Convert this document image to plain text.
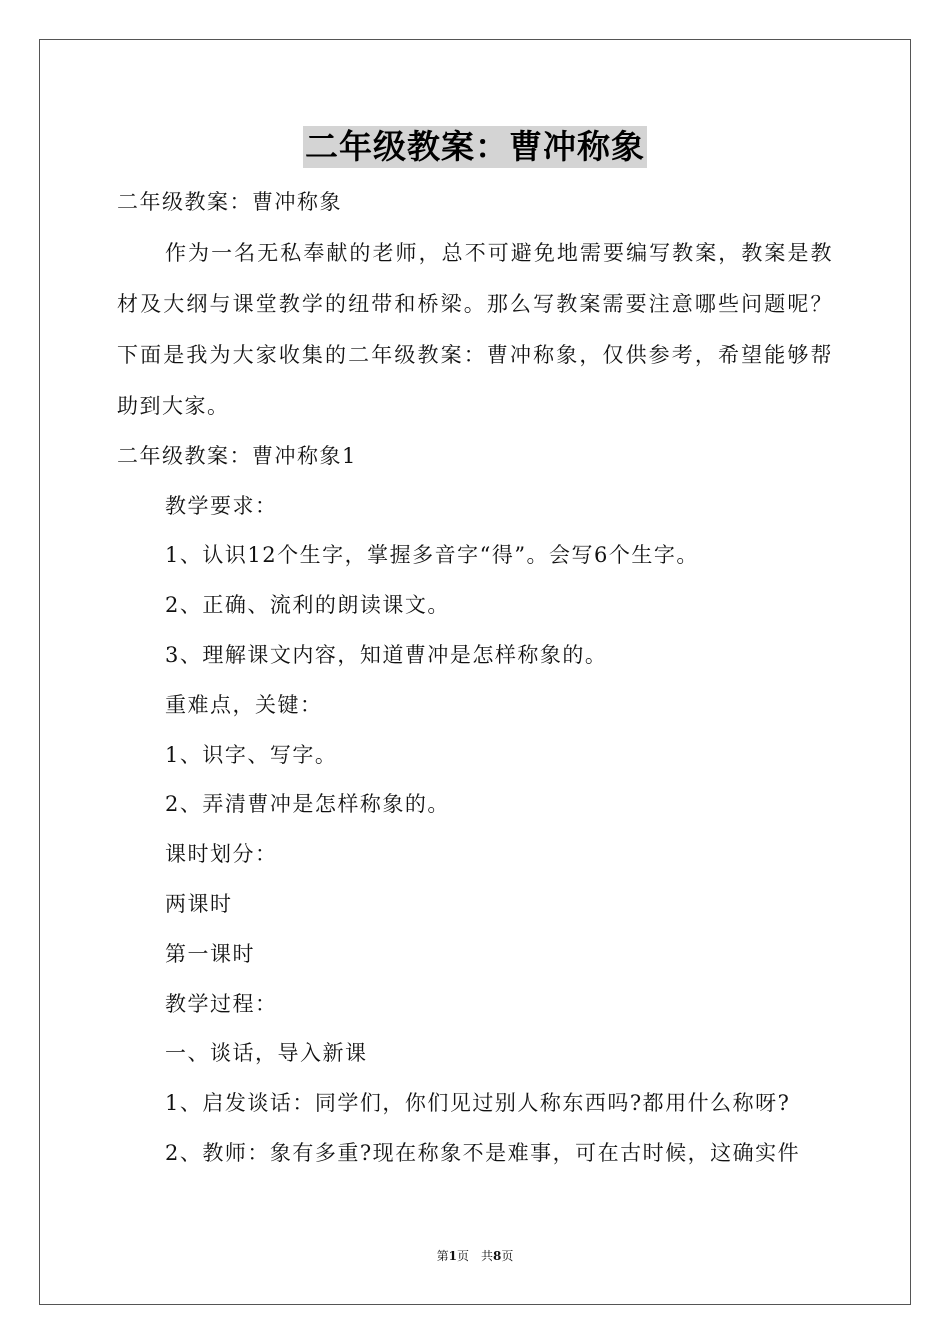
二年级教案：曹冲称象
二年级教案：曹冲称象

作为一名无私奉献的老师，总不可避免地需要编写教案，教案是教材及大纲与课堂教学的纽带和桥梁。那么写教案需要注意哪些问题呢？下面是我为大家收集的二年级教案：曹冲称象，仅供参考，希望能够帮助到大家。

二年级教案：曹冲称象1
教学要求：
1、认识12个生字，掌握多音字“得”。会写6个生字。
2、正确、流利的朗读课文。
3、理解课文内容，知道曹冲是怎样称象的。
重难点，关键：
1、识字、写字。
2、弄清曹冲是怎样称象的。
课时划分：
两课时
第一课时
教学过程：
一、谈话，导入新课
1、启发谈话：同学们，你们见过别人称东西吗?都用什么称呀?
2、教师：象有多重?现在称象不是难事，可在古时候，这确实件
第1页　共8页
